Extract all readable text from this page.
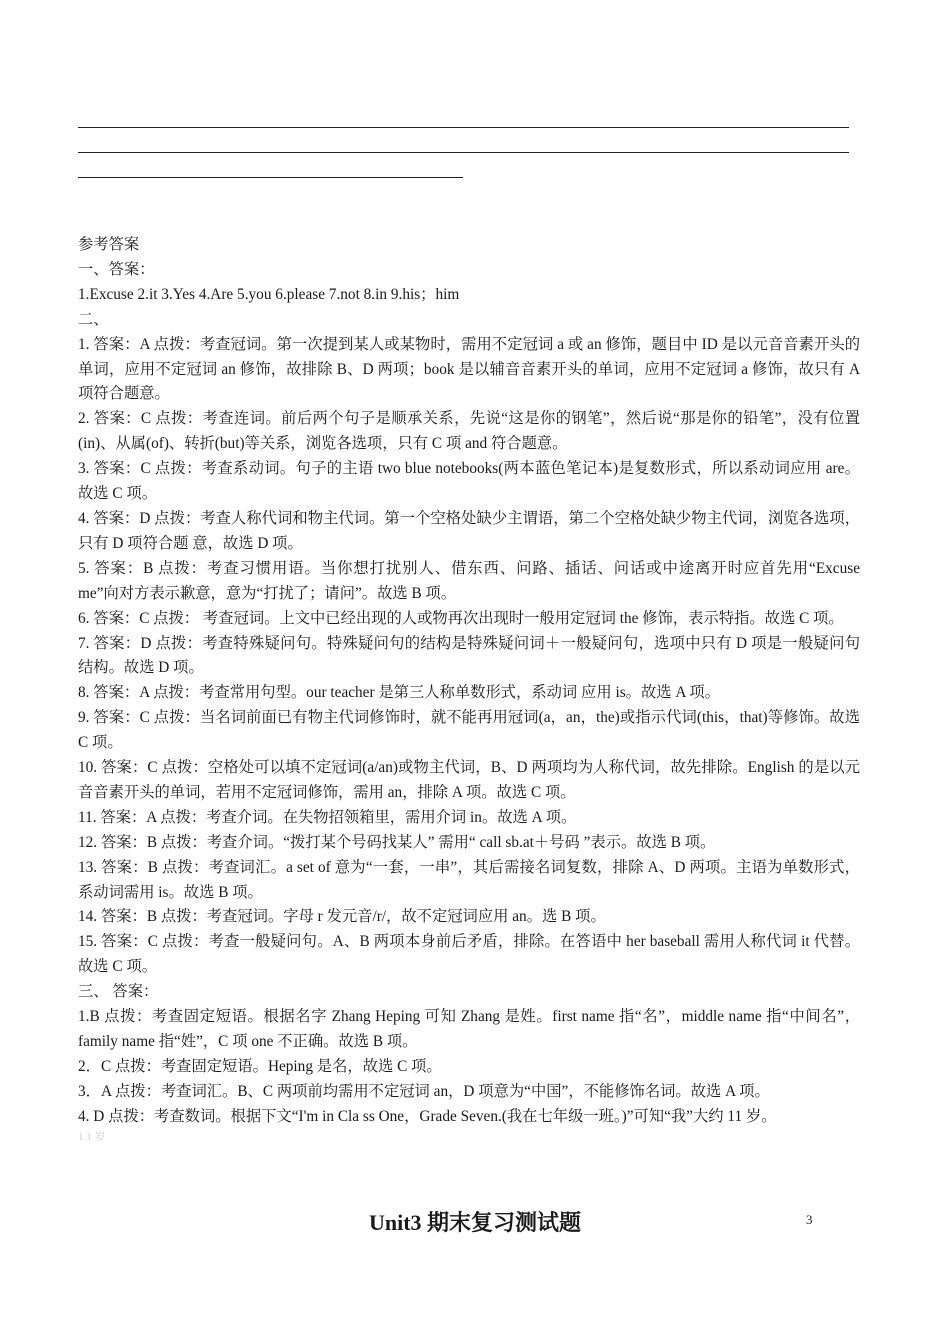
参考答案

一、答案：

1.Excuse 2.it 3.Yes 4.Are 5.you 6.please 7.not 8.in 9.his；him

二、

1. 答案：A 点拨：考查冠词。第一次提到某人或某物时，需用不定冠词 a 或 an 修饰，题目中 ID 是以元音音素开头的单词，应用不定冠词 an 修饰，故排除 B、D 两项；book 是以辅音音素开头的单词，应用不定冠词 a 修饰，故只有 A 项符合题意。

2. 答案：C 点拨：考查连词。前后两个句子是顺承关系，先说“这是你的钢笔”，然后说“那是你的铅笔”，没有位置(in)、从属(of)、转折(but)等关系，浏览各选项，只有 C 项 and 符合题意。

3. 答案：C 点拨：考查系动词。句子的主语 two blue notebooks(两本蓝色笔记本)是复数形式，所以系动词应用 are。故选 C 项。

4. 答案：D 点拨：考查人称代词和物主代词。第一个空格处缺少主谓语，第二个空格处缺少物主代词，浏览各选项，只有 D 项符合题 意，故选 D 项。

5. 答案：B 点拨：考查习惯用语。当你想打扰别人、借东西、问路、插话、问话或中途离开时应首先用“Excuse me”向对方表示歉意，意为“打扰了；请问”。故选 B 项。

6. 答案：C 点拨： 考查冠词。上文中已经出现的人或物再次出现时一般用定冠词 the 修饰，表示特指。故选 C 项。

7. 答案：D 点拨：考查特殊疑问句。特殊疑问句的结构是特殊疑问词＋一般疑问句，选项中只有 D 项是一般疑问句结构。故选 D 项。

8. 答案：A 点拨：考查常用句型。our teacher 是第三人称单数形式，系动词 应用 is。故选 A 项。

9. 答案：C 点拨：当名词前面已有物主代词修饰时，就不能再用冠词(a，an，the)或指示代词(this，that)等修饰。故选 C 项。

10. 答案：C 点拨：空格处可以填不定冠词(a/an)或物主代词，B、D 两项均为人称代词，故先排除。English 的是以元音音素开头的单词，若用不定冠词修饰，需用 an，排除 A 项。故选 C 项。

11. 答案：A 点拨：考查介词。在失物招领箱里，需用介词 in。故选 A 项。

12. 答案：B 点拨：考查介词。“拨打某个号码找某人” 需用“ call sb.at＋号码 ”表示。故选 B 项。

13. 答案：B 点拨：考查词汇。a set of 意为“一套，一串”，其后需接名词复数，排除 A、D 两项。主语为单数形式，系动词需用 is。故选 B 项。

14. 答案：B 点拨：考查冠词。字母 r 发元音/r/，故不定冠词应用 an。选 B 项。

15. 答案：C 点拨：考查一般疑问句。A、B 两项本身前后矛盾，排除。在答语中 her baseball 需用人称代词 it 代替。故选 C 项。

三、 答案：

1.B 点拨：考查固定短语。根据名字 Zhang Heping 可知 Zhang 是姓。first name 指“名”，middle name 指“中间名”，family name 指“姓”，C 项 one 不正确。故选 B 项。

2．C 点拨：考查固定短语。Heping 是名，故选 C 项。

3．A 点拨：考查词汇。B、C 两项前均需用不定冠词 an，D 项意为“中国”，不能修饰名词。故选 A 项。

4. D 点拨：考查数词。根据下文“I'm in Cla ss One，Grade Seven.(我在七年级一班。)”可知“我”大约 11 岁。

1 1 岁

Unit3 期末复习测试题	3
